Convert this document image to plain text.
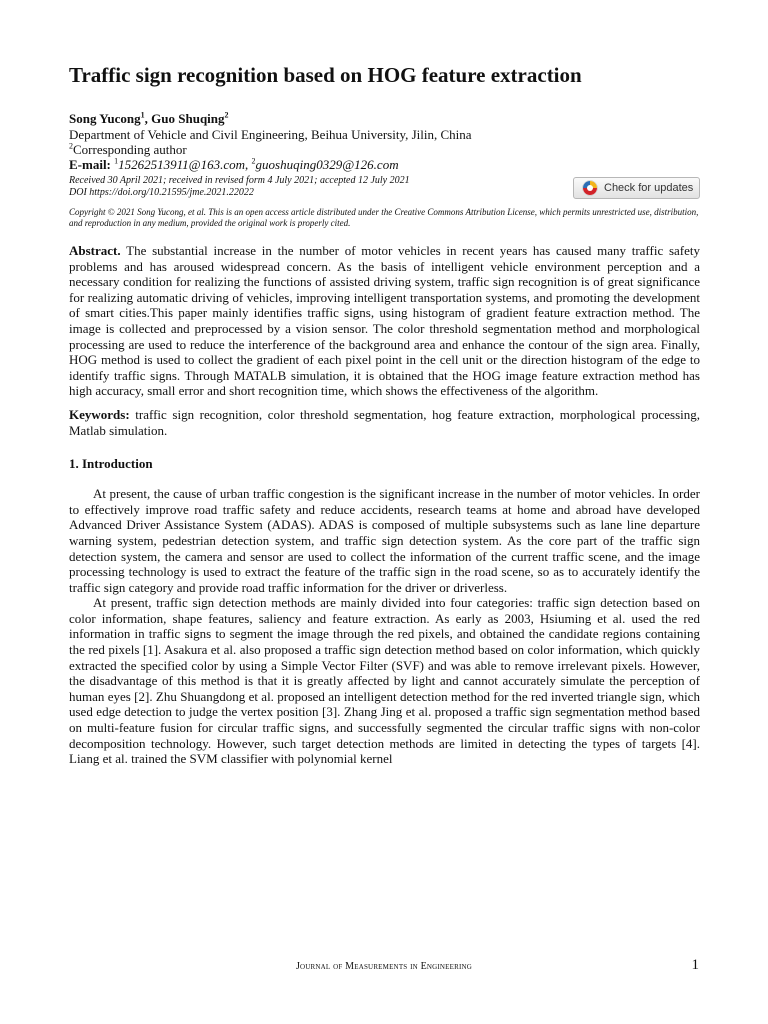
Traffic sign recognition based on HOG feature extraction
Song Yucong$^1$, Guo Shuqing$^2$
Department of Vehicle and Civil Engineering, Beihua University, Jilin, China
$^2$Corresponding author
E-mail: $^1$15262513911@163.com, $^2$guoshuqing0329@126.com
Received 30 April 2021; received in revised form 4 July 2021; accepted 12 July 2021
DOI https://doi.org/10.21595/jme.2021.22022	Check for updates
Copyright © 2021 Song Yucong, et al. This is an open access article distributed under the Creative Commons Attribution License, which permits unrestricted use, distribution, and reproduction in any medium, provided the original work is properly cited.

Abstract. The substantial increase in the number of motor vehicles in recent years has caused many traffic safety problems and has aroused widespread concern. As the basis of intelligent vehicle environment perception and a necessary condition for realizing the functions of assisted driving system, traffic sign recognition is of great significance for realizing automatic driving of vehicles, improving intelligent transportation systems, and promoting the development of smart cities.This paper mainly identifies traffic signs, using histogram of gradient feature extraction method. The image is collected and preprocessed by a vision sensor. The color threshold segmentation method and morphological processing are used to reduce the interference of the background area and enhance the contour of the sign area. Finally, HOG method is used to collect the gradient of each pixel point in the cell unit or the direction histogram of the edge to identify traffic signs. Through MATALB simulation, it is obtained that the HOG image feature extraction method has high accuracy, small error and short recognition time, which shows the effectiveness of the algorithm.

Keywords: traffic sign recognition, color threshold segmentation, hog feature extraction, morphological processing, Matlab simulation.

1. Introduction

At present, the cause of urban traffic congestion is the significant increase in the number of motor vehicles. In order to effectively improve road traffic safety and reduce accidents, research teams at home and abroad have developed Advanced Driver Assistance System (ADAS). ADAS is composed of multiple subsystems such as lane line departure warning system, pedestrian detection system, and traffic sign detection system. As the core part of the traffic sign detection system, the camera and sensor are used to collect the information of the current traffic scene, and the image processing technology is used to extract the feature of the traffic sign in the road scene, so as to accurately identify the traffic sign category and provide road traffic information for the driver or driverless.

At present, traffic sign detection methods are mainly divided into four categories: traffic sign detection based on color information, shape features, saliency and feature extraction. As early as 2003, Hsiuming et al. used the red information in traffic signs to segment the image through the red pixels, and obtained the candidate regions containing the red pixels [1]. Asakura et al. also proposed a traffic sign detection method based on color information, which quickly extracted the specified color by using a Simple Vector Filter (SVF) and was able to remove irrelevant pixels. However, the disadvantage of this method is that it is greatly affected by light and cannot accurately simulate the perception of human eyes [2]. Zhu Shuangdong et al. proposed an intelligent detection method for the red inverted triangle sign, which used edge detection to judge the vertex position [3]. Zhang Jing et al. proposed a traffic sign segmentation method based on multi-feature fusion for circular traffic signs, and successfully segmented the circular traffic signs with non-color decomposition technology. However, such target detection methods are limited in detecting the types of targets [4]. Liang et al. trained the SVM classifier with polynomial kernel

Journal of Measurements in Engineering	1
